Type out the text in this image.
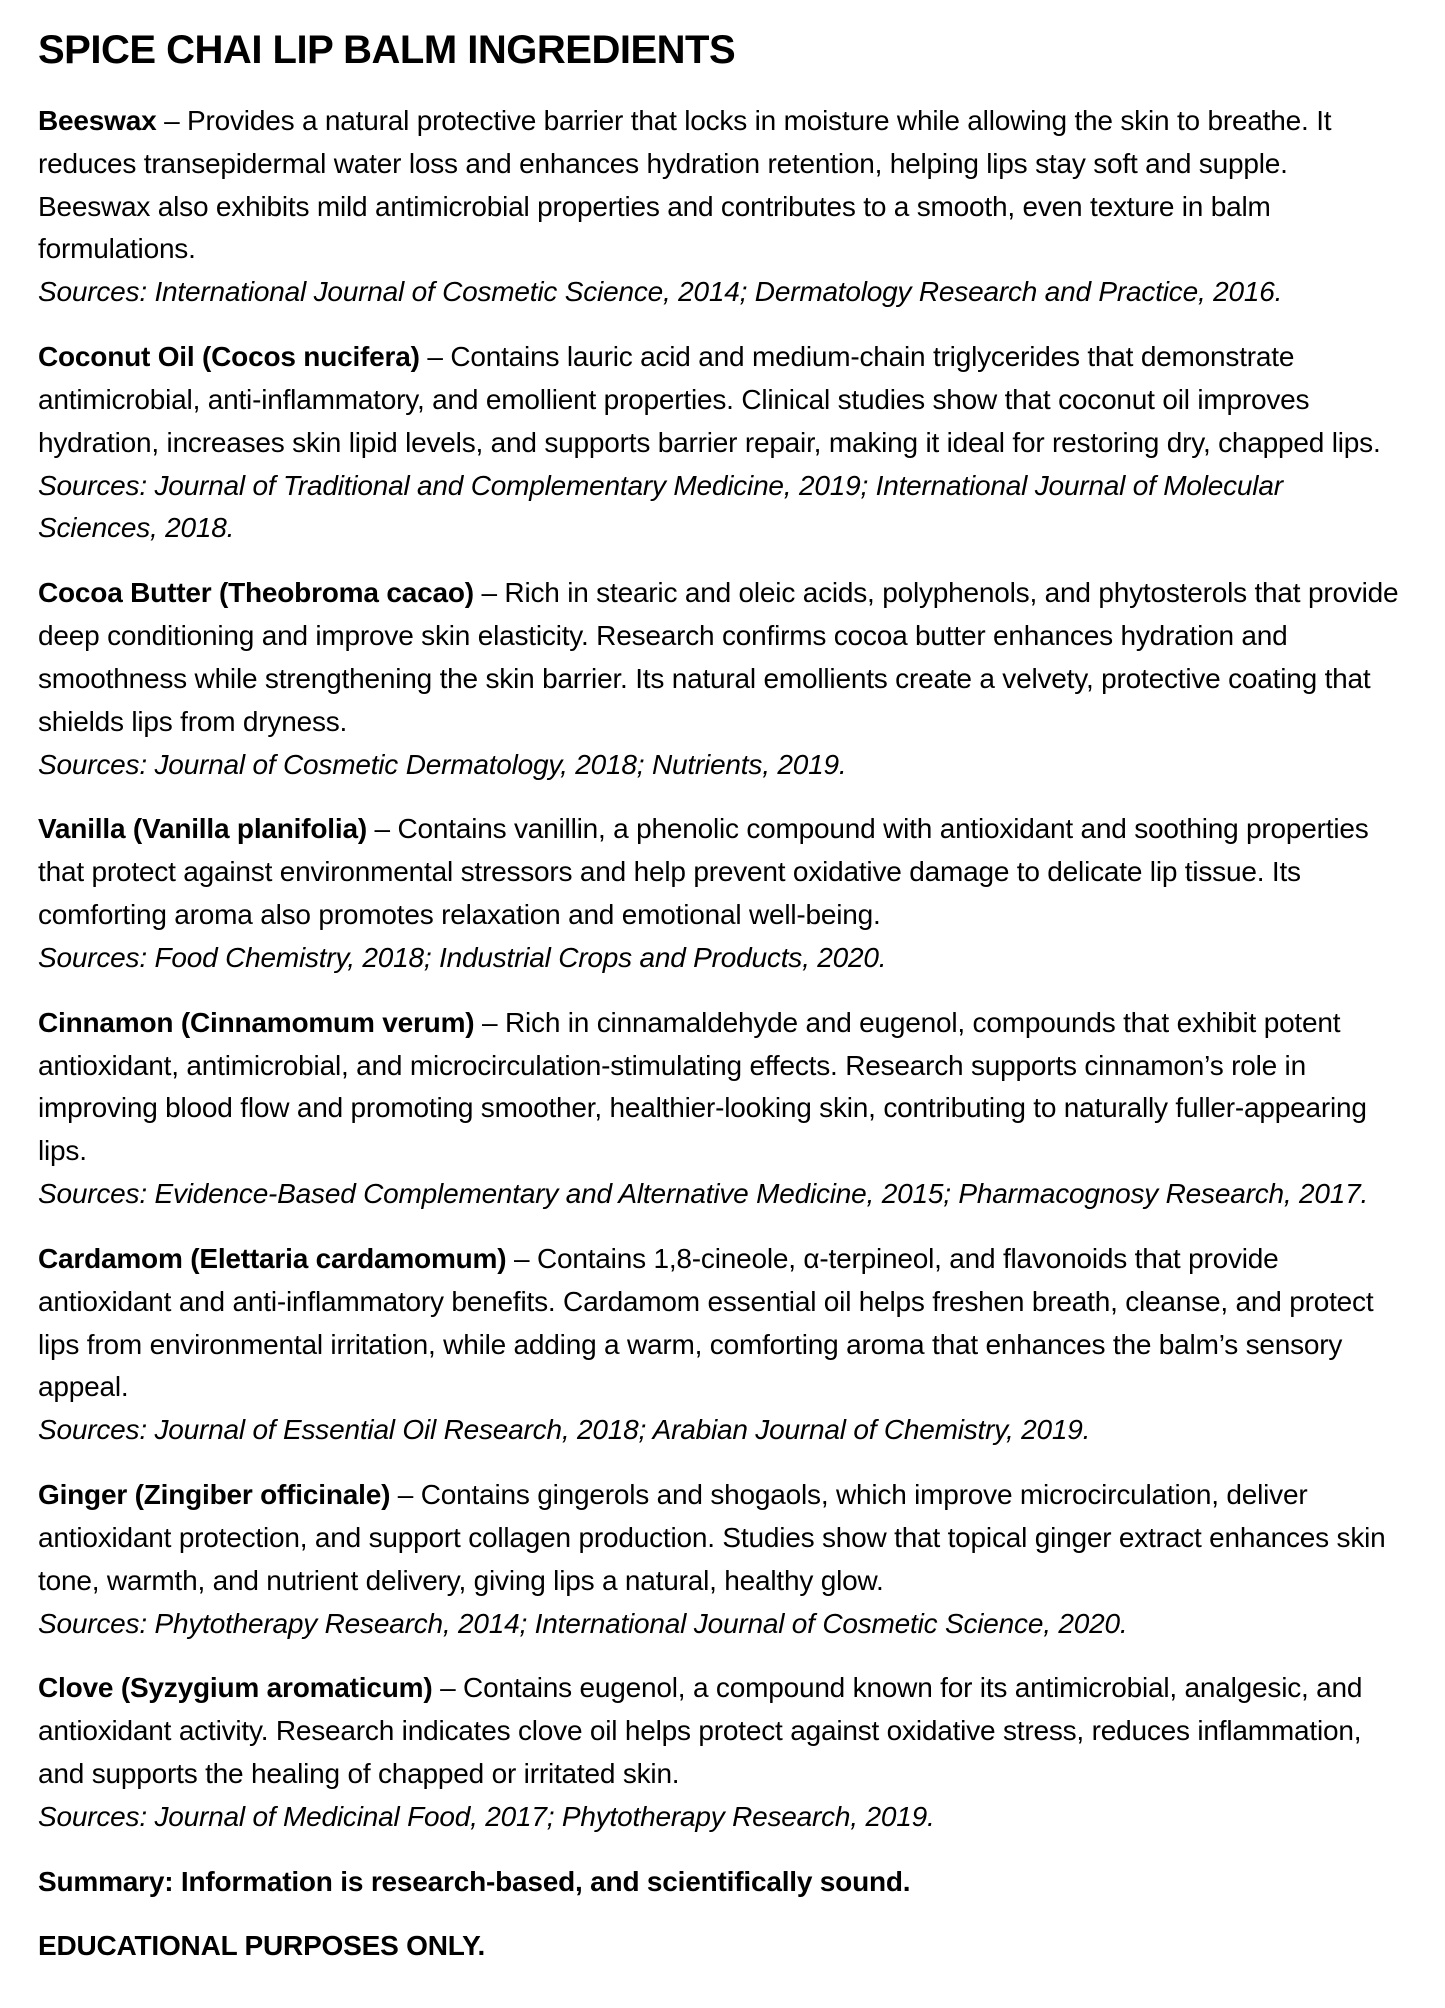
SPICE CHAI LIP BALM INGREDIENTS

Beeswax – Provides a natural protective barrier that locks in moisture while allowing the skin to breathe. It reduces transepidermal water loss and enhances hydration retention, helping lips stay soft and supple. Beeswax also exhibits mild antimicrobial properties and contributes to a smooth, even texture in balm formulations.

Sources: International Journal of Cosmetic Science, 2014; Dermatology Research and Practice, 2016.

Coconut Oil (Cocos nucifera) – Contains lauric acid and medium-chain triglycerides that demonstrate antimicrobial, anti-inflammatory, and emollient properties. Clinical studies show that coconut oil improves hydration, increases skin lipid levels, and supports barrier repair, making it ideal for restoring dry, chapped lips.

Sources: Journal of Traditional and Complementary Medicine, 2019; International Journal of Molecular Sciences, 2018.

Cocoa Butter (Theobroma cacao) – Rich in stearic and oleic acids, polyphenols, and phytosterols that provide deep conditioning and improve skin elasticity. Research confirms cocoa butter enhances hydration and smoothness while strengthening the skin barrier. Its natural emollients create a velvety, protective coating that shields lips from dryness.

Sources: Journal of Cosmetic Dermatology, 2018; Nutrients, 2019.

Vanilla (Vanilla planifolia) – Contains vanillin, a phenolic compound with antioxidant and soothing properties that protect against environmental stressors and help prevent oxidative damage to delicate lip tissue. Its comforting aroma also promotes relaxation and emotional well-being.

Sources: Food Chemistry, 2018; Industrial Crops and Products, 2020.

Cinnamon (Cinnamomum verum) – Rich in cinnamaldehyde and eugenol, compounds that exhibit potent antioxidant, antimicrobial, and microcirculation-stimulating effects. Research supports cinnamon’s role in improving blood flow and promoting smoother, healthier-looking skin, contributing to naturally fuller-appearing lips.

Sources: Evidence-Based Complementary and Alternative Medicine, 2015; Pharmacognosy Research, 2017.

Cardamom (Elettaria cardamomum) – Contains 1,8-cineole, α-terpineol, and flavonoids that provide antioxidant and anti-inflammatory benefits. Cardamom essential oil helps freshen breath, cleanse, and protect lips from environmental irritation, while adding a warm, comforting aroma that enhances the balm’s sensory appeal.

Sources: Journal of Essential Oil Research, 2018; Arabian Journal of Chemistry, 2019.

Ginger (Zingiber officinale) – Contains gingerols and shogaols, which improve microcirculation, deliver antioxidant protection, and support collagen production. Studies show that topical ginger extract enhances skin tone, warmth, and nutrient delivery, giving lips a natural, healthy glow.

Sources: Phytotherapy Research, 2014; International Journal of Cosmetic Science, 2020.

Clove (Syzygium aromaticum) – Contains eugenol, a compound known for its antimicrobial, analgesic, and antioxidant activity. Research indicates clove oil helps protect against oxidative stress, reduces inflammation, and supports the healing of chapped or irritated skin.

Sources: Journal of Medicinal Food, 2017; Phytotherapy Research, 2019.

Summary: Information is research-based, and scientifically sound.

EDUCATIONAL PURPOSES ONLY.
